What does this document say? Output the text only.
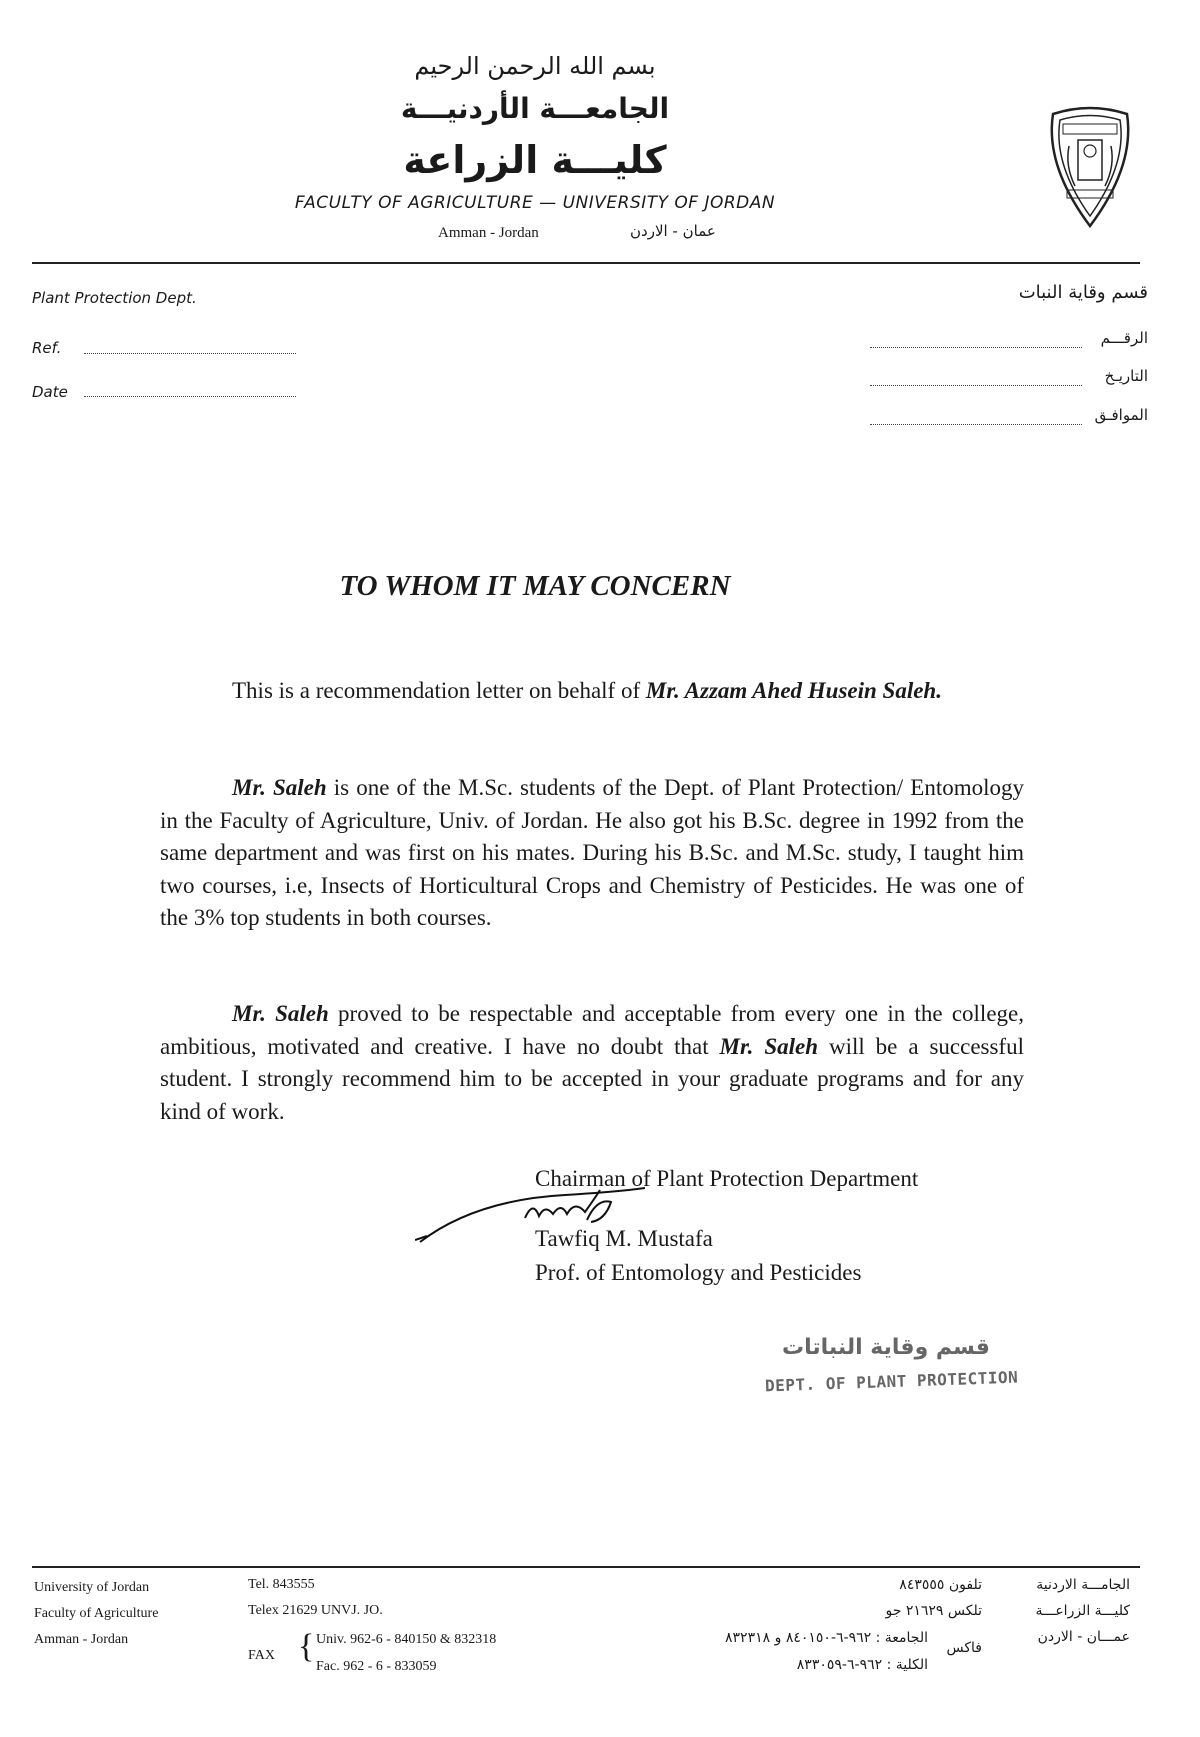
بسم الله الرحمن الرحيم
الجامعـــة الأردنيـــة
كليـــة الزراعة
FACULTY OF AGRICULTURE — UNIVERSITY OF JORDAN
Amman - Jordan	عمان - الاردن
Plant Protection Dept.	قسم وقاية النبات
Ref.
Date
الرقـــم
التاريـخ
الموافـق
TO WHOM IT MAY CONCERN
This is a recommendation letter on behalf of Mr. Azzam Ahed Husein Saleh.
Mr. Saleh is one of the M.Sc. students of the Dept. of Plant Protection/ Entomology in the Faculty of Agriculture, Univ. of Jordan. He also got his B.Sc. degree in 1992 from the same department and was first on his mates. During his B.Sc. and M.Sc. study, I taught him two courses, i.e, Insects of Horticultural Crops and Chemistry of Pesticides. He was one of the 3% top students in both courses.
Mr. Saleh proved to be respectable and acceptable from every one in the college, ambitious, motivated and creative. I have no doubt that Mr. Saleh will be a successful student. I strongly recommend him to be accepted in your graduate programs and for any kind of work.
Chairman of Plant Protection Department
Tawfiq M. Mustafa
Prof. of Entomology and Pesticides
قسم وقاية النباتات
DEPT. OF PLANT PROTECTION
University of Jordan
Faculty of Agriculture
Amman - Jordan
Tel. 843555
Telex 21629 UNVJ. JO.
FAX { Univ. 962-6 - 840150 & 832318
Fac. 962 - 6 - 833059
الجامـــة الاردنية
كليـــة الزراعـــة
عمـــان - الاردن
تلفون ٨٤٣٥٥٥
تلكس ٢١٦٢٩ جو
فاكس
الجامعة : ٩٦٢-٦-٨٤٠١٥٠ و ٨٣٢٣١٨
الكلية : ٩٦٢-٦-٨٣٣٠٥٩
